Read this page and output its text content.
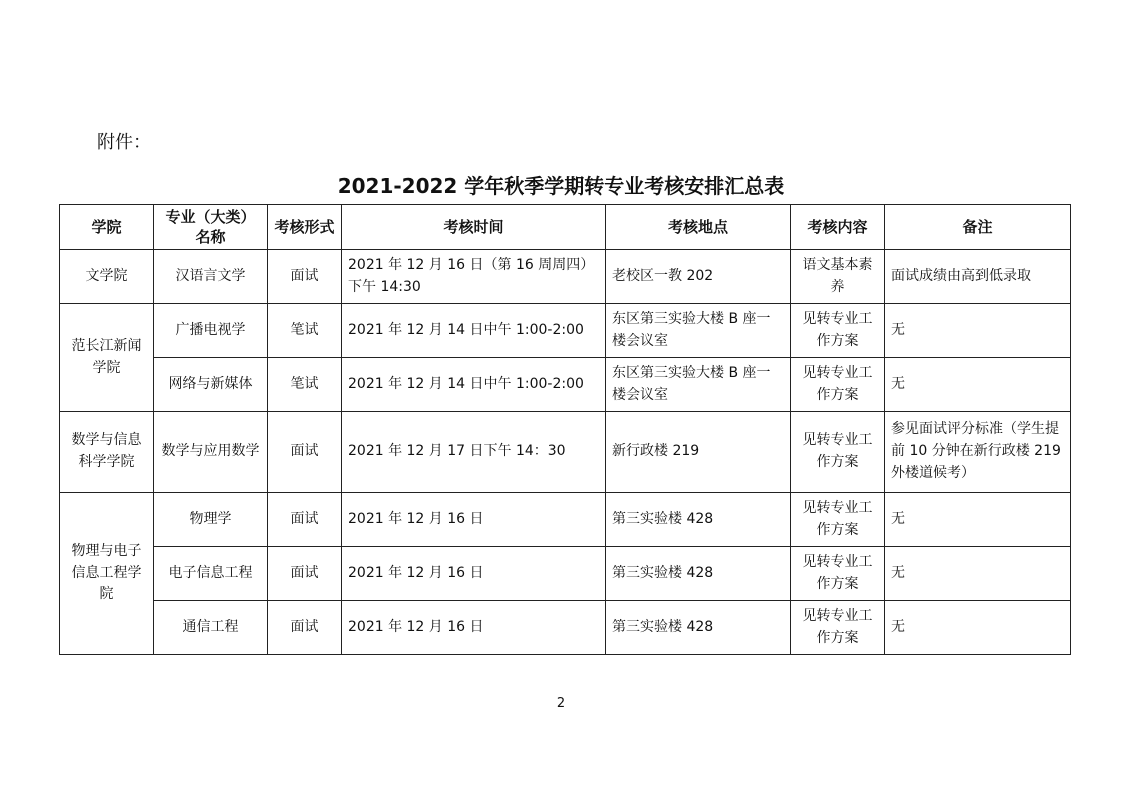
附件：
2021-2022 学年秋季学期转专业考核安排汇总表
学院	专业（大类）名称	考核形式	考核时间	考核地点	考核内容	备注
文学院	汉语言文学	面试	2021 年 12 月 16 日（第 16 周周四）下午 14:30	老校区一教 202	语文基本素养	面试成绩由高到低录取
范长江新闻学院	广播电视学	笔试	2021 年 12 月 14 日中午 1:00-2:00	东区第三实验大楼 B 座一楼会议室	见转专业工作方案	无
	网络与新媒体	笔试	2021 年 12 月 14 日中午 1:00-2:00	东区第三实验大楼 B 座一楼会议室	见转专业工作方案	无
数学与信息科学学院	数学与应用数学	面试	2021 年 12 月 17 日下午 14：30	新行政楼 219	见转专业工作方案	参见面试评分标准（学生提前 10 分钟在新行政楼 219 外楼道候考）
物理与电子信息工程学院	物理学	面试	2021 年 12 月 16 日	第三实验楼 428	见转专业工作方案	无
	电子信息工程	面试	2021 年 12 月 16 日	第三实验楼 428	见转专业工作方案	无
	通信工程	面试	2021 年 12 月 16 日	第三实验楼 428	见转专业工作方案	无
2
